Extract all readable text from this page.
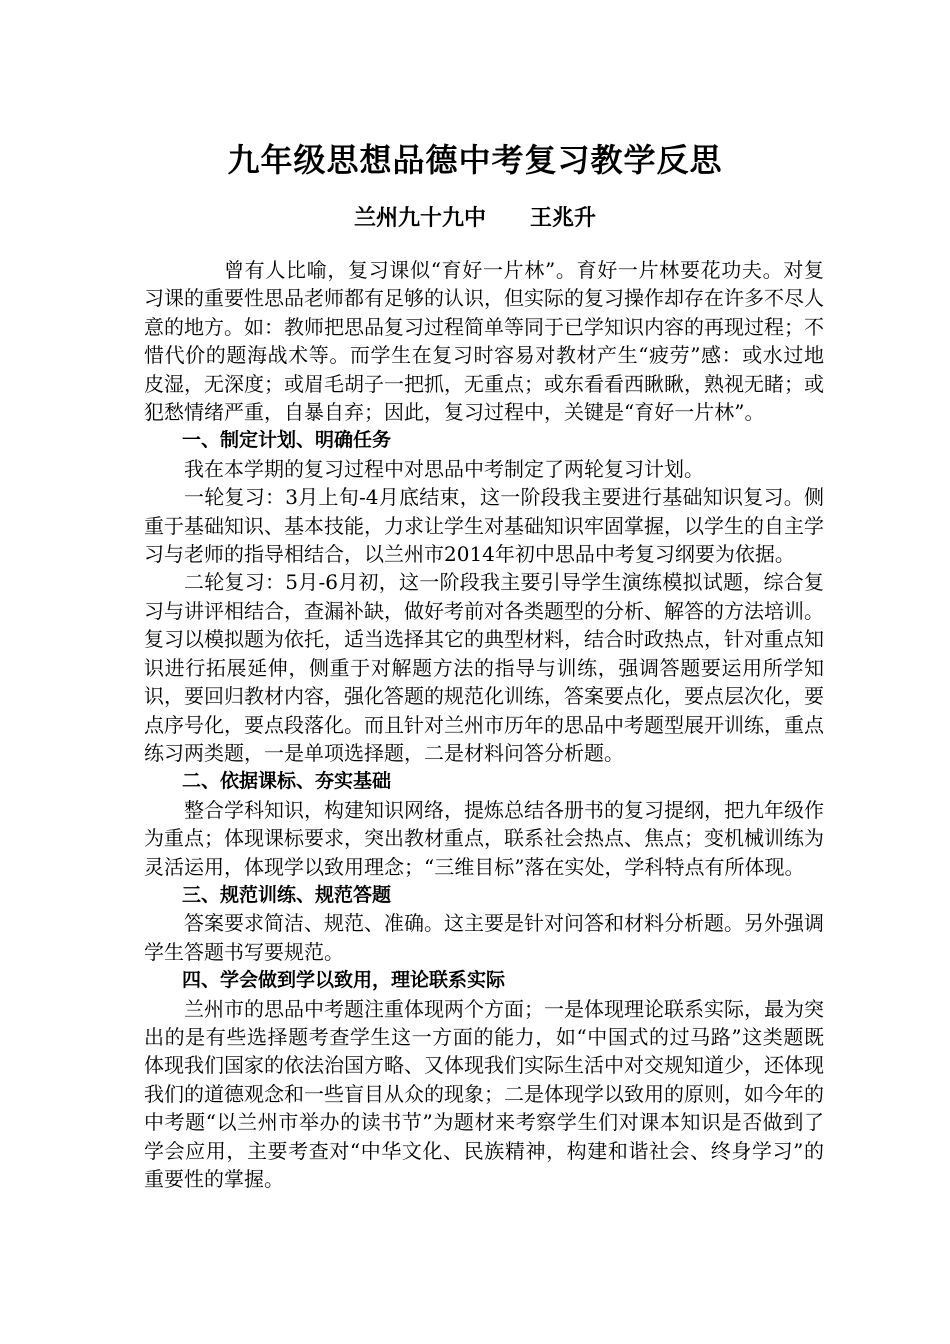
九年级思想品德中考复习教学反思
兰州九十九中　　王兆升

曾有人比喻，复习课似“育好一片林”。育好一片林要花功夫。对复习课的重要性思品老师都有足够的认识，但实际的复习操作却存在许多不尽人意的地方。如：教师把思品复习过程简单等同于已学知识内容的再现过程；不惜代价的题海战术等。而学生在复习时容易对教材产生“疲劳”感：或水过地皮湿，无深度；或眉毛胡子一把抓，无重点；或东看看西瞅瞅，熟视无睹；或犯愁情绪严重，自暴自弃；因此，复习过程中，关键是“育好一片林”。

一、制定计划、明确任务

我在本学期的复习过程中对思品中考制定了两轮复习计划。

一轮复习：3月上旬-4月底结束，这一阶段我主要进行基础知识复习。侧重于基础知识、基本技能，力求让学生对基础知识牢固掌握，以学生的自主学习与老师的指导相结合，以兰州市2014年初中思品中考复习纲要为依据。

二轮复习：5月-6月初，这一阶段我主要引导学生演练模拟试题，综合复习与讲评相结合，查漏补缺，做好考前对各类题型的分析、解答的方法培训。复习以模拟题为依托，适当选择其它的典型材料，结合时政热点，针对重点知识进行拓展延伸，侧重于对解题方法的指导与训练，强调答题要运用所学知识，要回归教材内容，强化答题的规范化训练，答案要点化，要点层次化，要点序号化，要点段落化。而且针对兰州市历年的思品中考题型展开训练，重点练习两类题，一是单项选择题，二是材料问答分析题。

二、依据课标、夯实基础

整合学科知识，构建知识网络，提炼总结各册书的复习提纲，把九年级作为重点；体现课标要求，突出教材重点，联系社会热点、焦点；变机械训练为灵活运用，体现学以致用理念；“三维目标”落在实处，学科特点有所体现。

三、规范训练、规范答题

答案要求简洁、规范、准确。这主要是针对问答和材料分析题。另外强调学生答题书写要规范。

四、学会做到学以致用，理论联系实际

兰州市的思品中考题注重体现两个方面；一是体现理论联系实际，最为突出的是有些选择题考查学生这一方面的能力，如“中国式的过马路”这类题既体现我们国家的依法治国方略、又体现我们实际生活中对交规知道少，还体现我们的道德观念和一些盲目从众的现象；二是体现学以致用的原则，如今年的中考题“以兰州市举办的读书节”为题材来考察学生们对课本知识是否做到了学会应用，主要考查对“中华文化、民族精神，构建和谐社会、终身学习”的重要性的掌握。
